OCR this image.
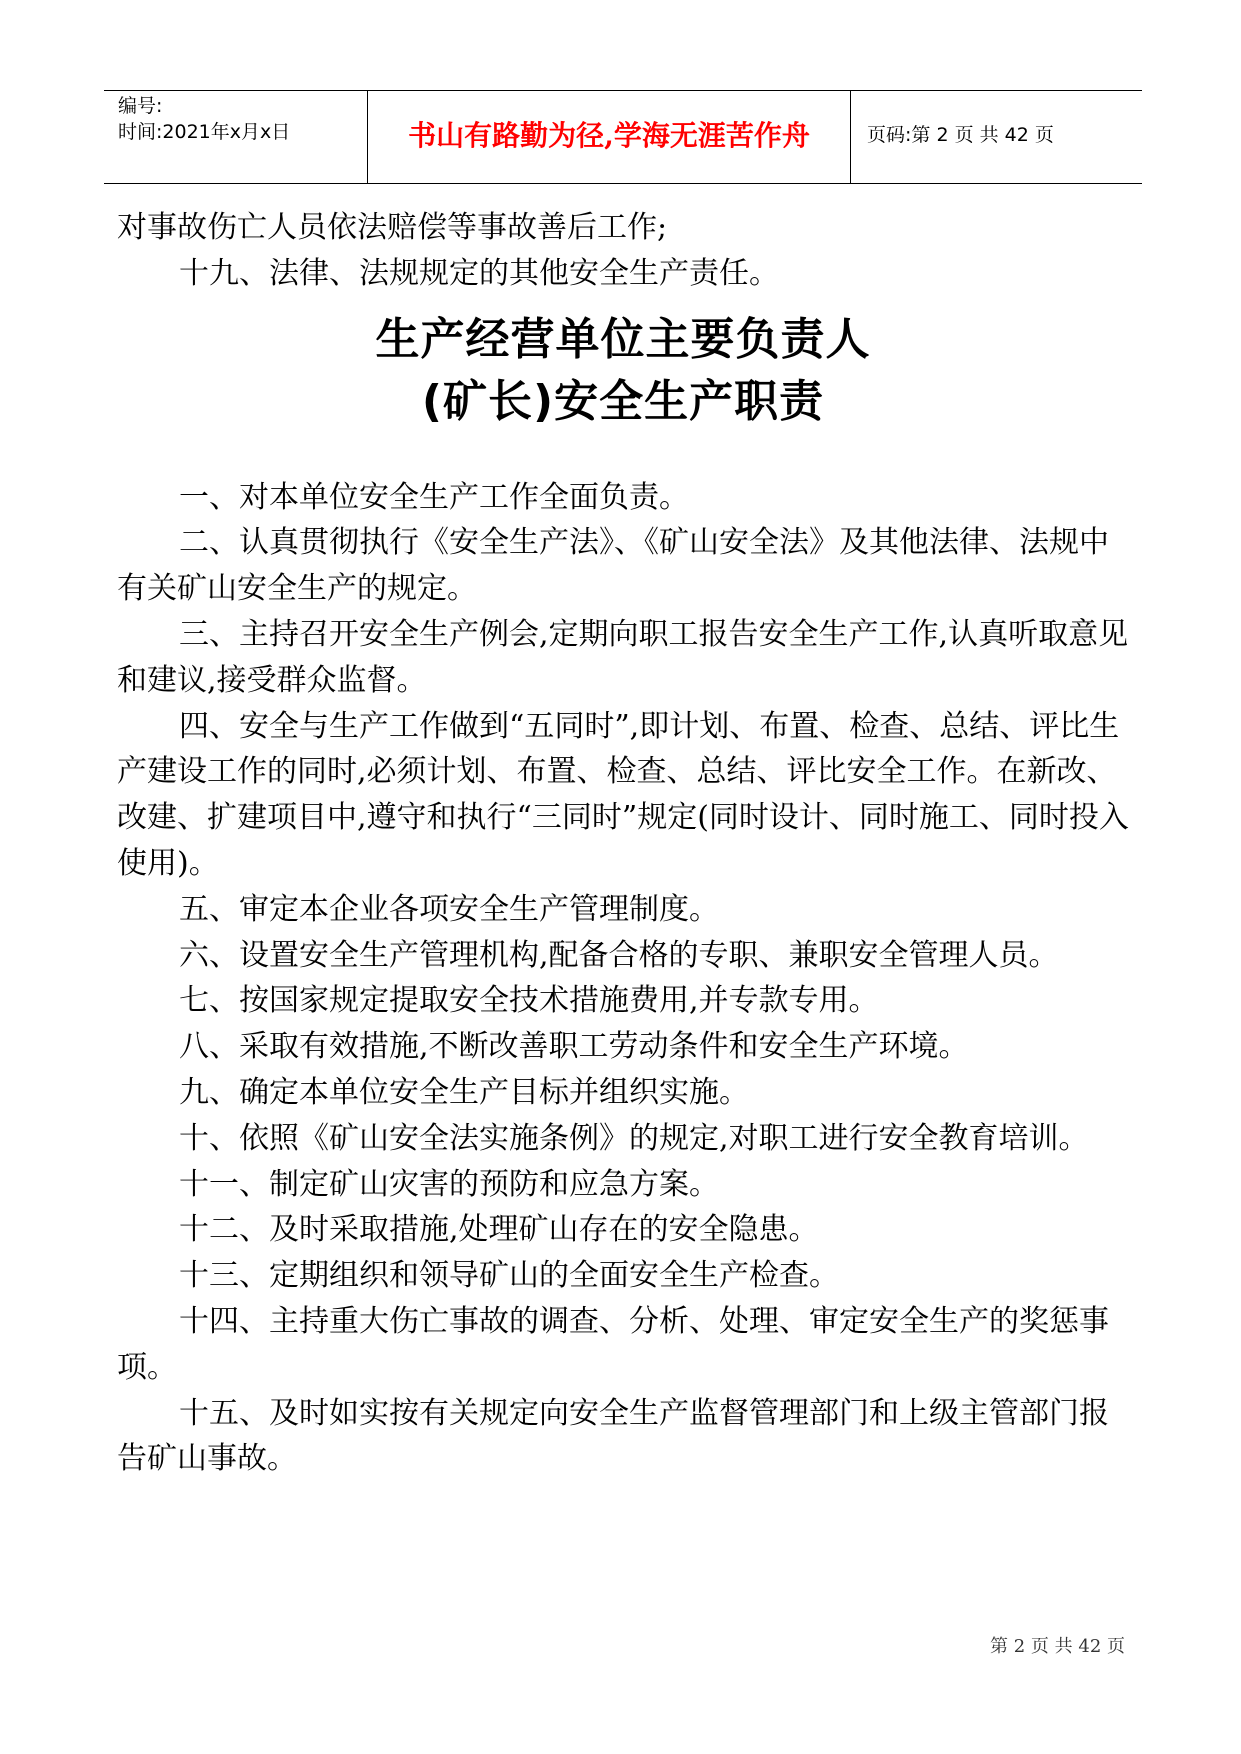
编号:
时间:2021年x月x日	书山有路勤为径,学海无涯苦作舟	页码:第 2 页 共 42 页

对事故伤亡人员依法赔偿等事故善后工作;

十九、法律、法规规定的其他安全生产责任。

生产经营单位主要负责人
(矿长)安全生产职责

一、对本单位安全生产工作全面负责。

二、认真贯彻执行《安全生产法》、《矿山安全法》及其他法律、法规中有关矿山安全生产的规定。

三、主持召开安全生产例会,定期向职工报告安全生产工作,认真听取意见和建议,接受群众监督。

四、安全与生产工作做到“五同时”,即计划、布置、检查、总结、评比生产建设工作的同时,必须计划、布置、检查、总结、评比安全工作。在新改、改建、扩建项目中,遵守和执行“三同时”规定(同时设计、同时施工、同时投入使用)。

五、审定本企业各项安全生产管理制度。

六、设置安全生产管理机构,配备合格的专职、兼职安全管理人员。

七、按国家规定提取安全技术措施费用,并专款专用。

八、采取有效措施,不断改善职工劳动条件和安全生产环境。

九、确定本单位安全生产目标并组织实施。

十、依照《矿山安全法实施条例》的规定,对职工进行安全教育培训。

十一、制定矿山灾害的预防和应急方案。

十二、及时采取措施,处理矿山存在的安全隐患。

十三、定期组织和领导矿山的全面安全生产检查。

十四、主持重大伤亡事故的调查、分析、处理、审定安全生产的奖惩事项。

十五、及时如实按有关规定向安全生产监督管理部门和上级主管部门报告矿山事故。

第 2 页 共 42 页
